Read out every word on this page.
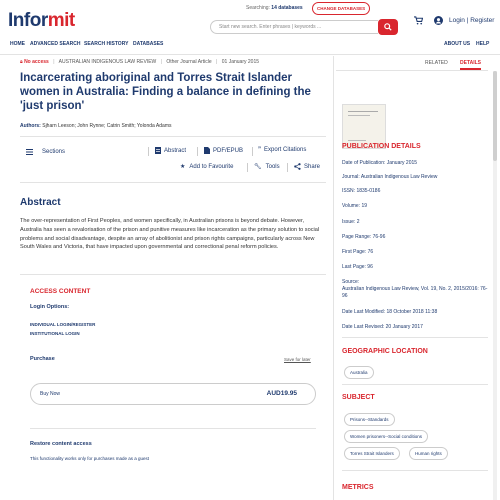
Informit
Searching: 14 databases	CHANGE DATABASES
Start new search. Enter phrases | keywords ...
Login | Register
HOME ADVANCED SEARCH SEARCH HISTORY DATABASES	ABOUT US HELP
🔒︎ No access | AUSTRALIAN INDIGENOUS LAW REVIEW | Other Journal Article | 01 January 2015
Incarcerating aboriginal and Torres Strait Islander women in Australia: Finding a balance in defining the 'just prison'
Authors: Sjharn Leeson; John Rynne; Catrin Smith; Yolonda Adams
Sections	Abstract	PDF/EPUB ” Export Citations
★ Add to Favourite	🔧︎ Tools	Share
Abstract
The over-representation of First Peoples, and women specifically, in Australian prisons is beyond debate. However, Australia has seen a revalorisation of the prison and punitive measures like incarceration as the primary solution to social problems and social disadvantage, despite an array of abolitionist and prison rights campaigns, particularly across New South Wales and Victoria, that have impacted upon governmental and correctional penal reform policies.
ACCESS CONTENT
Login Options:
INDIVIDUAL LOGIN/REGISTER
INSTITUTIONAL LOGIN
Purchase	Save for later
Buy Now	AUD19.95
Restore content access
This functionality works only for purchases made as a guest
RELATED DETAILS
PUBLICATION DETAILS
Date of Publication: January 2015
Journal: Australian Indigenous Law Review
ISSN: 1835-0186
Volume: 19
Issue: 2
Page Range: 76-96
First Page: 76
Last Page: 96
Source:
Australian Indigenous Law Review, Vol. 19, No. 2, 2015/2016: 76-96
Date Last Modified: 18 October 2018 11:38
Date Last Revised: 20 January 2017
GEOGRAPHIC LOCATION
Australia
SUBJECT
Prisons--Standards
Women prisoners--Social conditions
Torres Strait Islanders	Human rights
METRICS
